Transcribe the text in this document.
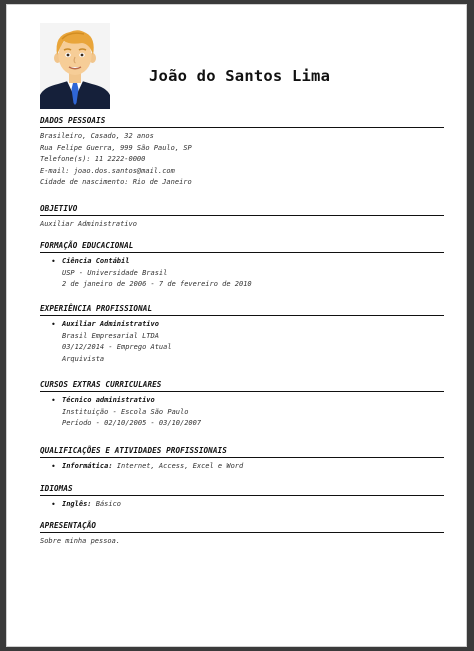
João do Santos Lima
DADOS PESSOAIS
Brasileiro, Casado, 32 anos
Rua Felipe Guerra, 999 São Paulo, SP
Telefone(s): 11 2222-0000
E-mail: joao.dos.santos@mail.com
Cidade de nascimento: Rio de Janeiro
OBJETIVO
Auxiliar Administrativo
FORMAÇÃO EDUCACIONAL
• Ciência Contábil
USP - Universidade Brasil
2 de janeiro de 2006 - 7 de fevereiro de 2010
EXPERIÊNCIA PROFISSIONAL
• Auxiliar Administrativo
Brasil Empresarial LTDA
03/12/2014 - Emprego Atual
Arquivista
CURSOS EXTRAS CURRICULARES
• Técnico administrativo
Instituição - Escola São Paulo
Período - 02/10/2005 - 03/10/2007
QUALIFICAÇÕES E ATIVIDADES PROFISSIONAIS
• Informática: Internet, Access, Excel e Word
IDIOMAS
• Inglês: Básico
APRESENTAÇÃO
Sobre minha pessoa.
